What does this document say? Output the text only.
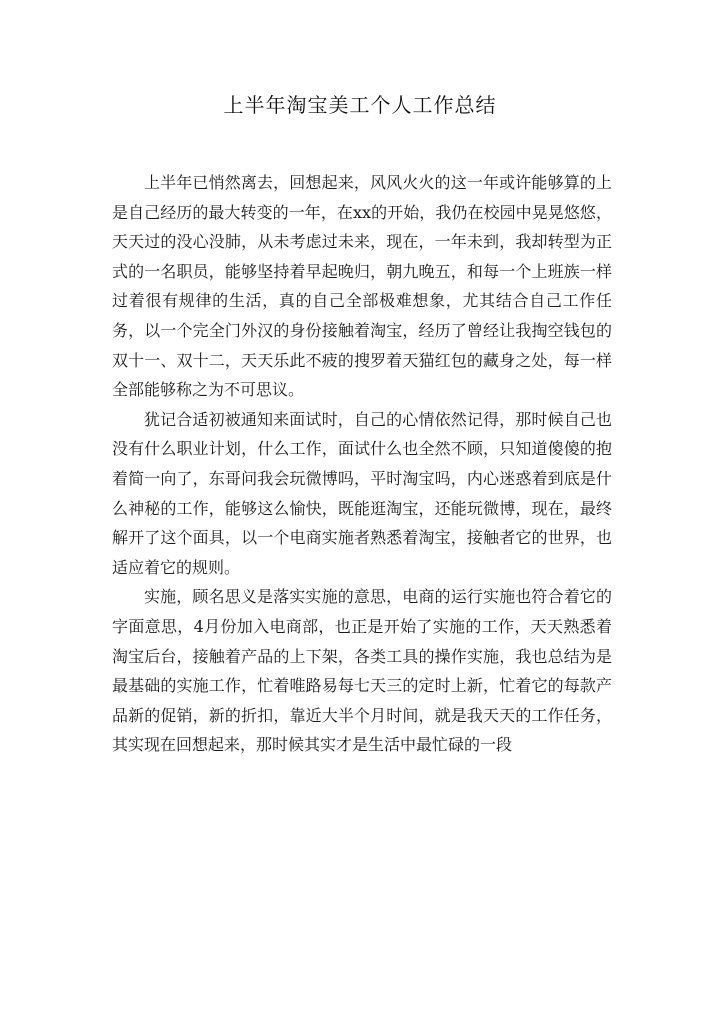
上半年淘宝美工个人工作总结

上半年已悄然离去，回想起来，风风火火的这一年或许能够算的上是自己经历的最大转变的一年，在xx的开始，我仍在校园中晃晃悠悠，天天过的没心没肺，从未考虑过未来，现在，一年未到，我却转型为正式的一名职员，能够坚持着早起晚归，朝九晚五，和每一个上班族一样过着很有规律的生活，真的自己全部极难想象，尤其结合自己工作任务，以一个完全门外汉的身份接触着淘宝，经历了曾经让我掏空钱包的双十一、双十二，天天乐此不疲的搜罗着天猫红包的藏身之处，每一样全部能够称之为不可思议。

犹记合适初被通知来面试时，自己的心情依然记得，那时候自己也没有什么职业计划，什么工作，面试什么也全然不顾，只知道傻傻的抱着简一向了，东哥问我会玩微博吗，平时淘宝吗，内心迷惑着到底是什么神秘的工作，能够这么愉快，既能逛淘宝，还能玩微博，现在，最终解开了这个面具，以一个电商实施者熟悉着淘宝，接触者它的世界，也适应着它的规则。

实施，顾名思义是落实实施的意思，电商的运行实施也符合着它的字面意思，4月份加入电商部，也正是开始了实施的工作，天天熟悉着淘宝后台，接触着产品的上下架，各类工具的操作实施，我也总结为是最基础的实施工作，忙着唯路易每七天三的定时上新，忙着它的每款产品新的促销，新的折扣，靠近大半个月时间，就是我天天的工作任务，其实现在回想起来，那时候其实才是生活中最忙碌的一段
